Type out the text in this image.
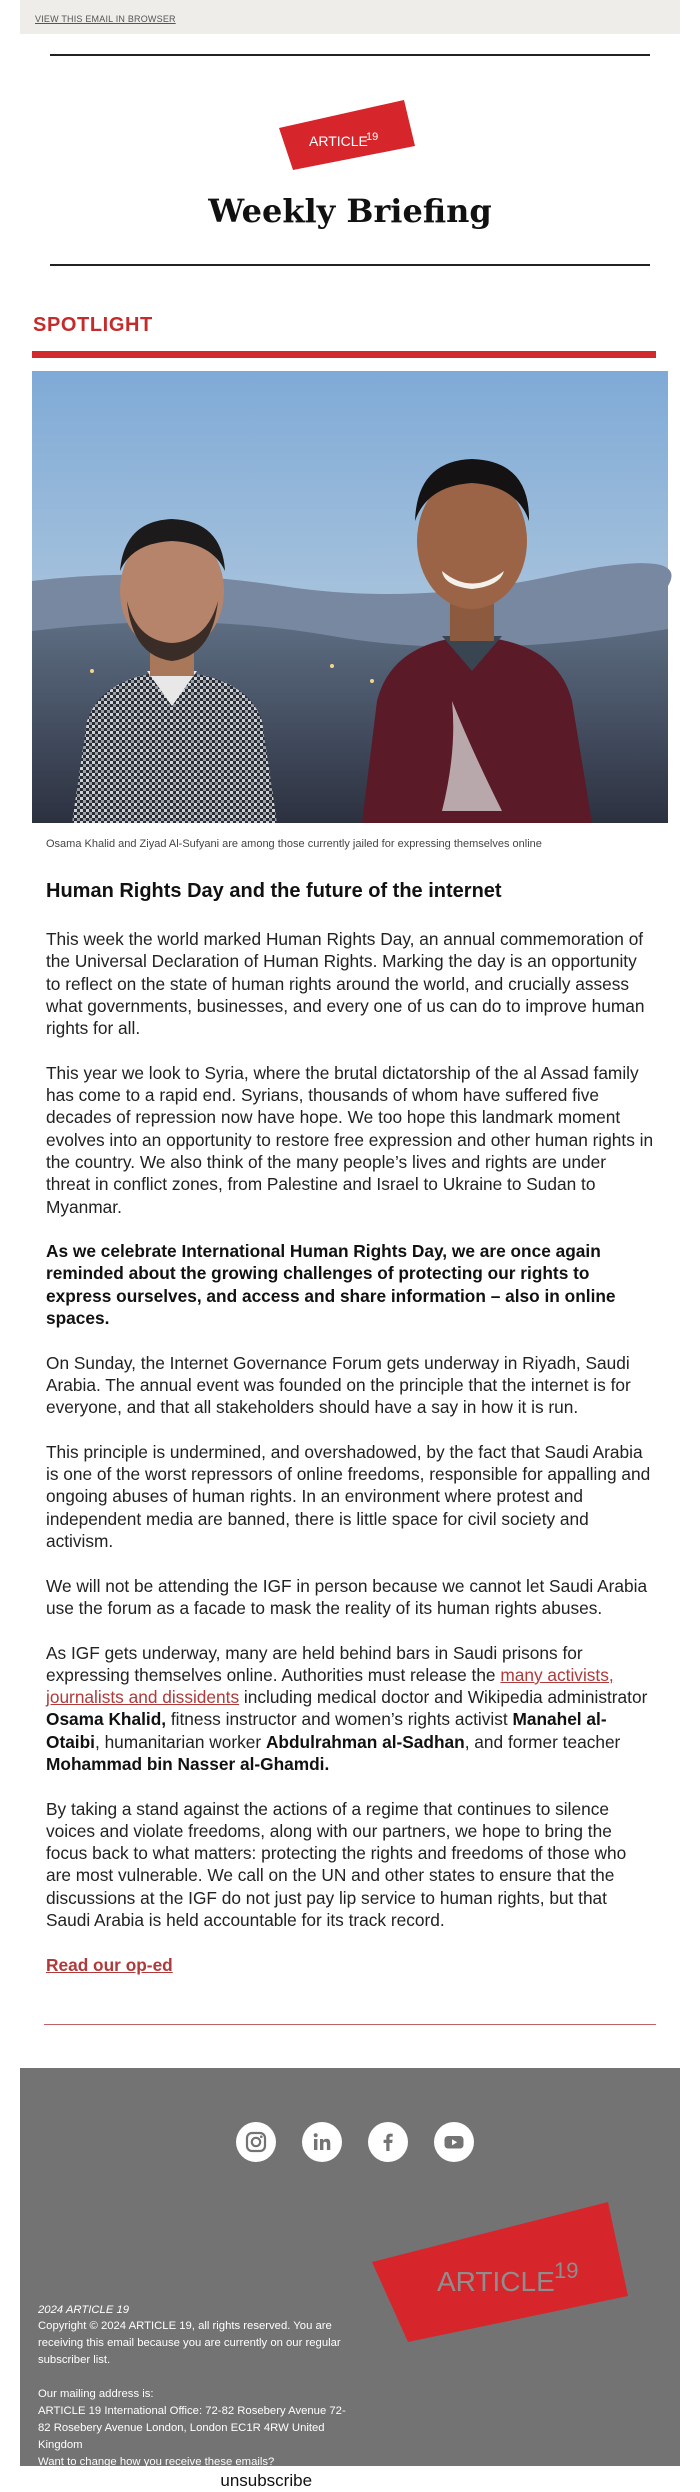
VIEW THIS EMAIL IN BROWSER
ARTICLE
19
Weekly Briefing
SPOTLIGHT
Osama Khalid and Ziyad Al-Sufyani are among those currently jailed for expressing themselves online
Human Rights Day and the future of the internet

This week the world marked Human Rights Day, an annual commemoration of the Universal Declaration of Human Rights. Marking the day is an opportunity to reflect on the state of human rights around the world, and crucially assess what governments, businesses, and every one of us can do to improve human rights for all.

This year we look to Syria, where the brutal dictatorship of the al Assad family has come to a rapid end. Syrians, thousands of whom have suffered five decades of repression now have hope. We too hope this landmark moment evolves into an opportunity to restore free expression and other human rights in the country. We also think of the many people’s lives and rights are under threat in conflict zones, from Palestine and Israel to Ukraine to Sudan to Myanmar.

As we celebrate International Human Rights Day, we are once again reminded about the growing challenges of protecting our rights to express ourselves, and access and share information – also in online spaces.

On Sunday, the Internet Governance Forum gets underway in Riyadh, Saudi Arabia. The annual event was founded on the principle that the internet is for everyone, and that all stakeholders should have a say in how it is run.

This principle is undermined, and overshadowed, by the fact that Saudi Arabia is one of the worst repressors of online freedoms, responsible for appalling and ongoing abuses of human rights. In an environment where protest and independent media are banned, there is little space for civil society and activism.

We will not be attending the IGF in person because we cannot let Saudi Arabia use the forum as a facade to mask the reality of its human rights abuses.

As IGF gets underway, many are held behind bars in Saudi prisons for expressing themselves online. Authorities must release the many activists, journalists and dissidents including medical doctor and Wikipedia administrator Osama Khalid, fitness instructor and women’s rights activist Manahel al-Otaibi, humanitarian worker Abdulrahman al-Sadhan, and former teacher Mohammad bin Nasser al-Ghamdi.

By taking a stand against the actions of a regime that continues to silence voices and violate freedoms, along with our partners, we hope to bring the focus back to what matters: protecting the rights and freedoms of those who are most vulnerable. We call on the UN and other states to ensure that the discussions at the IGF do not just pay lip service to human rights, but that Saudi Arabia is held accountable for its track record.

Read our op-ed
2024 ARTICLE 19
Copyright © 2024 ARTICLE 19, all rights reserved. You are receiving this email because you are currently on our regular subscriber list.
Our mailing address is:
ARTICLE 19 International Office: 72-82 Rosebery Avenue 72-82 Rosebery Avenue London, London EC1R 4RW United Kingdom
Want to change how you receive these emails?
You can update your preferences or unsubscribe
ARTICLE 19
